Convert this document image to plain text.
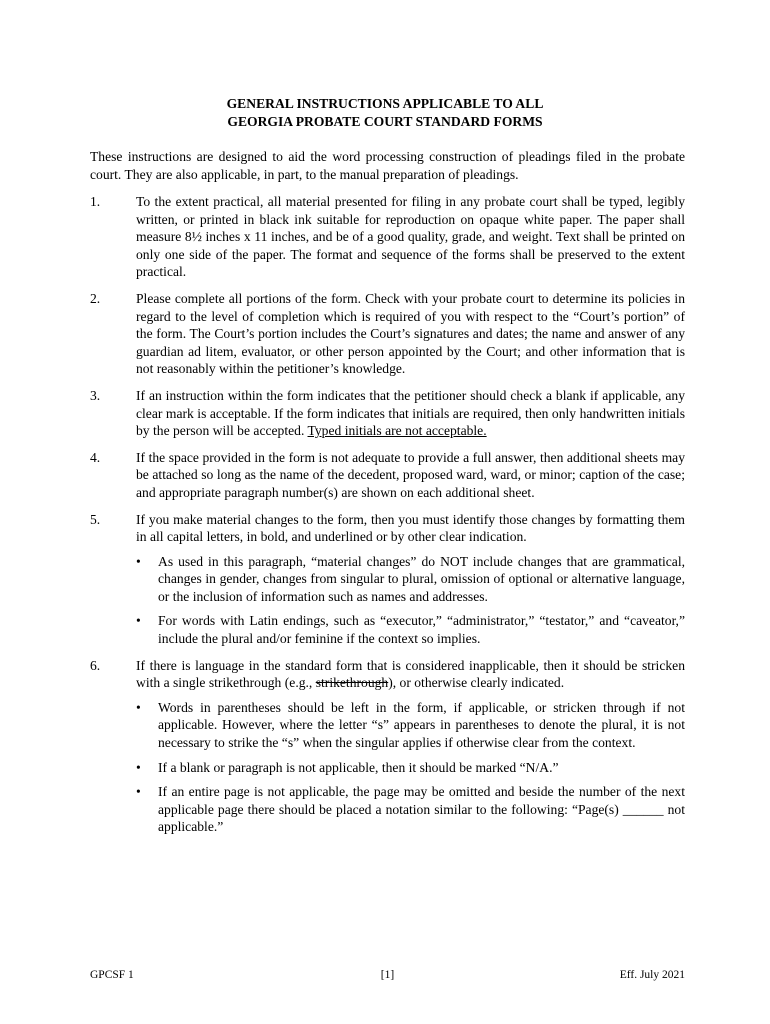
GENERAL INSTRUCTIONS APPLICABLE TO ALL
GEORGIA PROBATE COURT STANDARD FORMS

These instructions are designed to aid the word processing construction of pleadings filed in the probate court. They are also applicable, in part, to the manual preparation of pleadings.

1.	To the extent practical, all material presented for filing in any probate court shall be typed, legibly written, or printed in black ink suitable for reproduction on opaque white paper. The paper shall measure 8½ inches x 11 inches, and be of a good quality, grade, and weight. Text shall be printed on only one side of the paper. The format and sequence of the forms shall be preserved to the extent practical.

2.	Please complete all portions of the form. Check with your probate court to determine its policies in regard to the level of completion which is required of you with respect to the “Court’s portion” of the form. The Court’s portion includes the Court’s signatures and dates; the name and answer of any guardian ad litem, evaluator, or other person appointed by the Court; and other information that is not reasonably within the petitioner’s knowledge.

3.	If an instruction within the form indicates that the petitioner should check a blank if applicable, any clear mark is acceptable. If the form indicates that initials are required, then only handwritten initials by the person will be accepted. Typed initials are not acceptable.

4.	If the space provided in the form is not adequate to provide a full answer, then additional sheets may be attached so long as the name of the decedent, proposed ward, ward, or minor; caption of the case; and appropriate paragraph number(s) are shown on each additional sheet.

5.	If you make material changes to the form, then you must identify those changes by formatting them in all capital letters, in bold, and underlined or by other clear indication.

• As used in this paragraph, “material changes” do NOT include changes that are grammatical, changes in gender, changes from singular to plural, omission of optional or alternative language, or the inclusion of information such as names and addresses.
• For words with Latin endings, such as “executor,” “administrator,” “testator,” and “caveator,” include the plural and/or feminine if the context so implies.
6.	If there is language in the standard form that is considered inapplicable, then it should be stricken with a single strikethrough (e.g., strikethrough), or otherwise clearly indicated.

• Words in parentheses should be left in the form, if applicable, or stricken through if not applicable. However, where the letter “s” appears in parentheses to denote the plural, it is not necessary to strike the “s” when the singular applies if otherwise clear from the context.
• If a blank or paragraph is not applicable, then it should be marked “N/A.”
• If an entire page is not applicable, the page may be omitted and beside the number of the next applicable page there should be placed a notation similar to the following: “Page(s) ______ not applicable.”
GPCSF 1	[1]	Eff. July 2021
